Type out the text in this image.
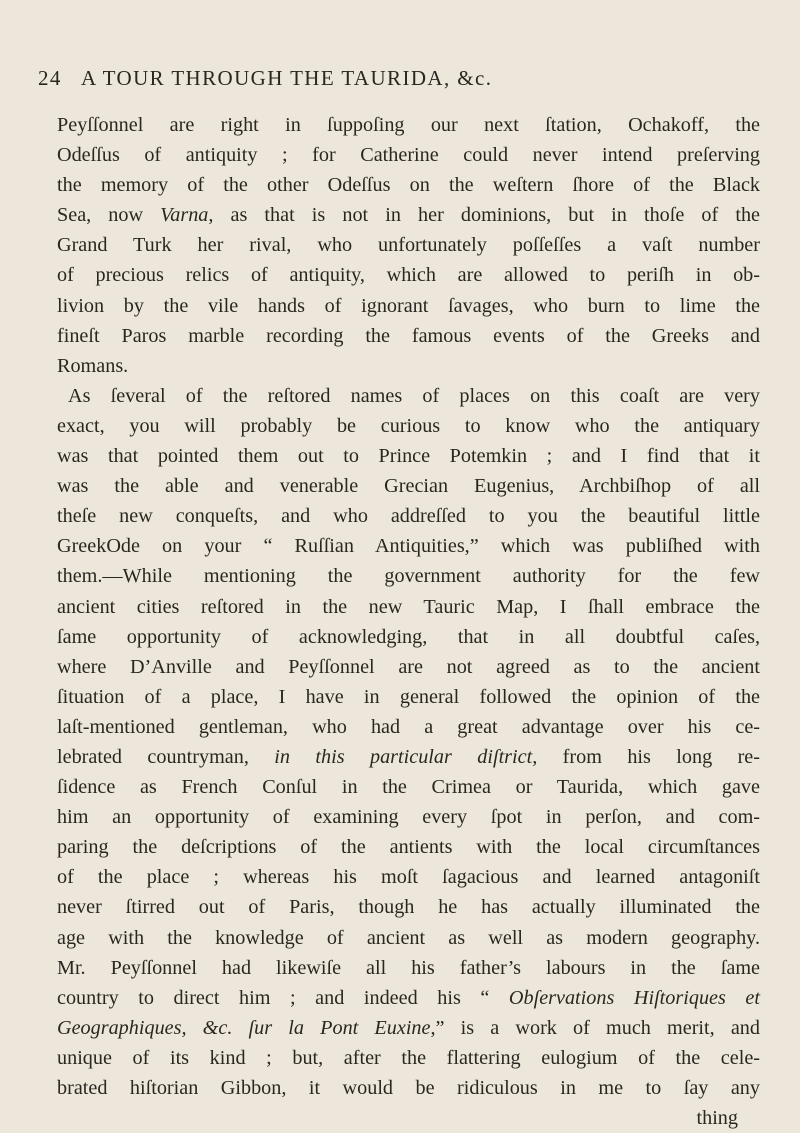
24 A TOUR THROUGH THE TAURIDA, &c.
Peyſſonnel are right in ſuppoſing our next ſtation, Ochakoff, the
Odeſſus of antiquity ; for Catherine could never intend preſerving
the memory of the other Odeſſus on the weſtern ſhore of the Black
Sea, now Varna, as that is not in her dominions, but in thoſe of the
Grand Turk her rival, who unfortunately poſſeſſes a vaſt number
of precious relics of antiquity, which are allowed to periſh in ob-
livion by the vile hands of ignorant ſavages, who burn to lime the
fineſt Paros marble recording the famous events of the Greeks and
Romans.
As ſeveral of the reſtored names of places on this coaſt are very
exact, you will probably be curious to know who the antiquary
was that pointed them out to Prince Potemkin ; and I find that it
was the able and venerable Grecian Eugenius, Archbiſhop of all
theſe new conqueſts, and who addreſſed to you the beautiful little
GreekOde on your “ Ruſſian Antiquities,” which was publiſhed with
them.—While mentioning the government authority for the few
ancient cities reſtored in the new Tauric Map, I ſhall embrace the
ſame opportunity of acknowledging, that in all doubtful caſes,
where D’Anville and Peyſſonnel are not agreed as to the ancient
ſituation of a place, I have in general followed the opinion of the
laſt-mentioned gentleman, who had a great advantage over his ce-
lebrated countryman, in this particular diſtrict, from his long re-
ſidence as French Conſul in the Crimea or Taurida, which gave
him an opportunity of examining every ſpot in perſon, and com-
paring the deſcriptions of the antients with the local circumſtances
of the place ; whereas his moſt ſagacious and learned antagoniſt
never ſtirred out of Paris, though he has actually illuminated the
age with the knowledge of ancient as well as modern geography.
Mr. Peyſſonnel had likewiſe all his father’s labours in the ſame
country to direct him ; and indeed his “ Obſervations Hiſtoriques et
Geographiques, &c. ſur la Pont Euxine,” is a work of much merit, and
unique of its kind ; but, after the flattering eulogium of the cele-
brated hiſtorian Gibbon, it would be ridiculous in me to ſay any
thing
